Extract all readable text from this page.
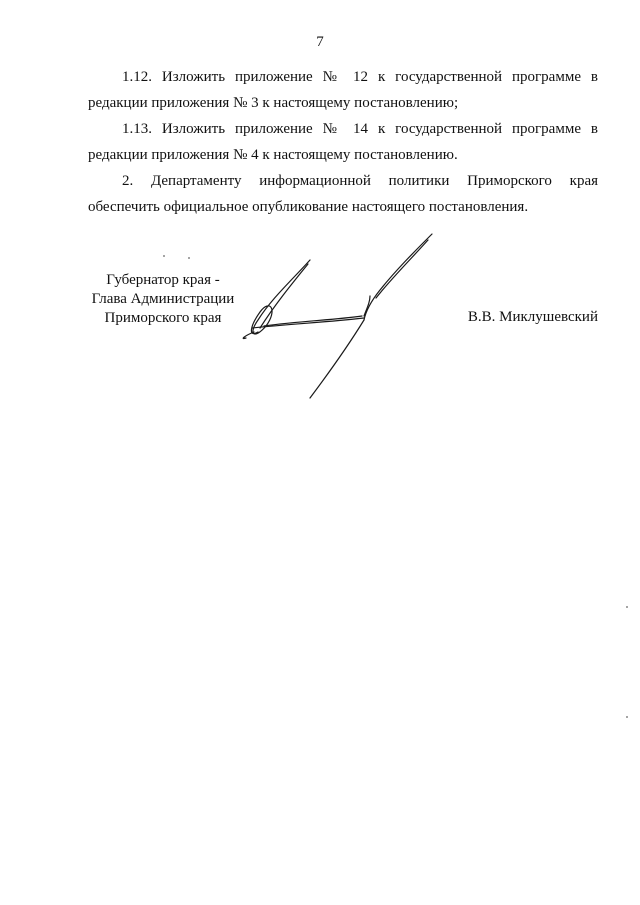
7

1.12. Изложить приложение № 12 к государственной программе в
редакции приложения № 3 к настоящему постановлению;

1.13. Изложить приложение № 14 к государственной программе в
редакции приложения № 4 к настоящему постановлению.

2. Департаменту информационной политики Приморского края
обеспечить официальное опубликование настоящего постановления.

Губернатор края -
Глава Администрации
Приморского края	В.В. Миклушевский
